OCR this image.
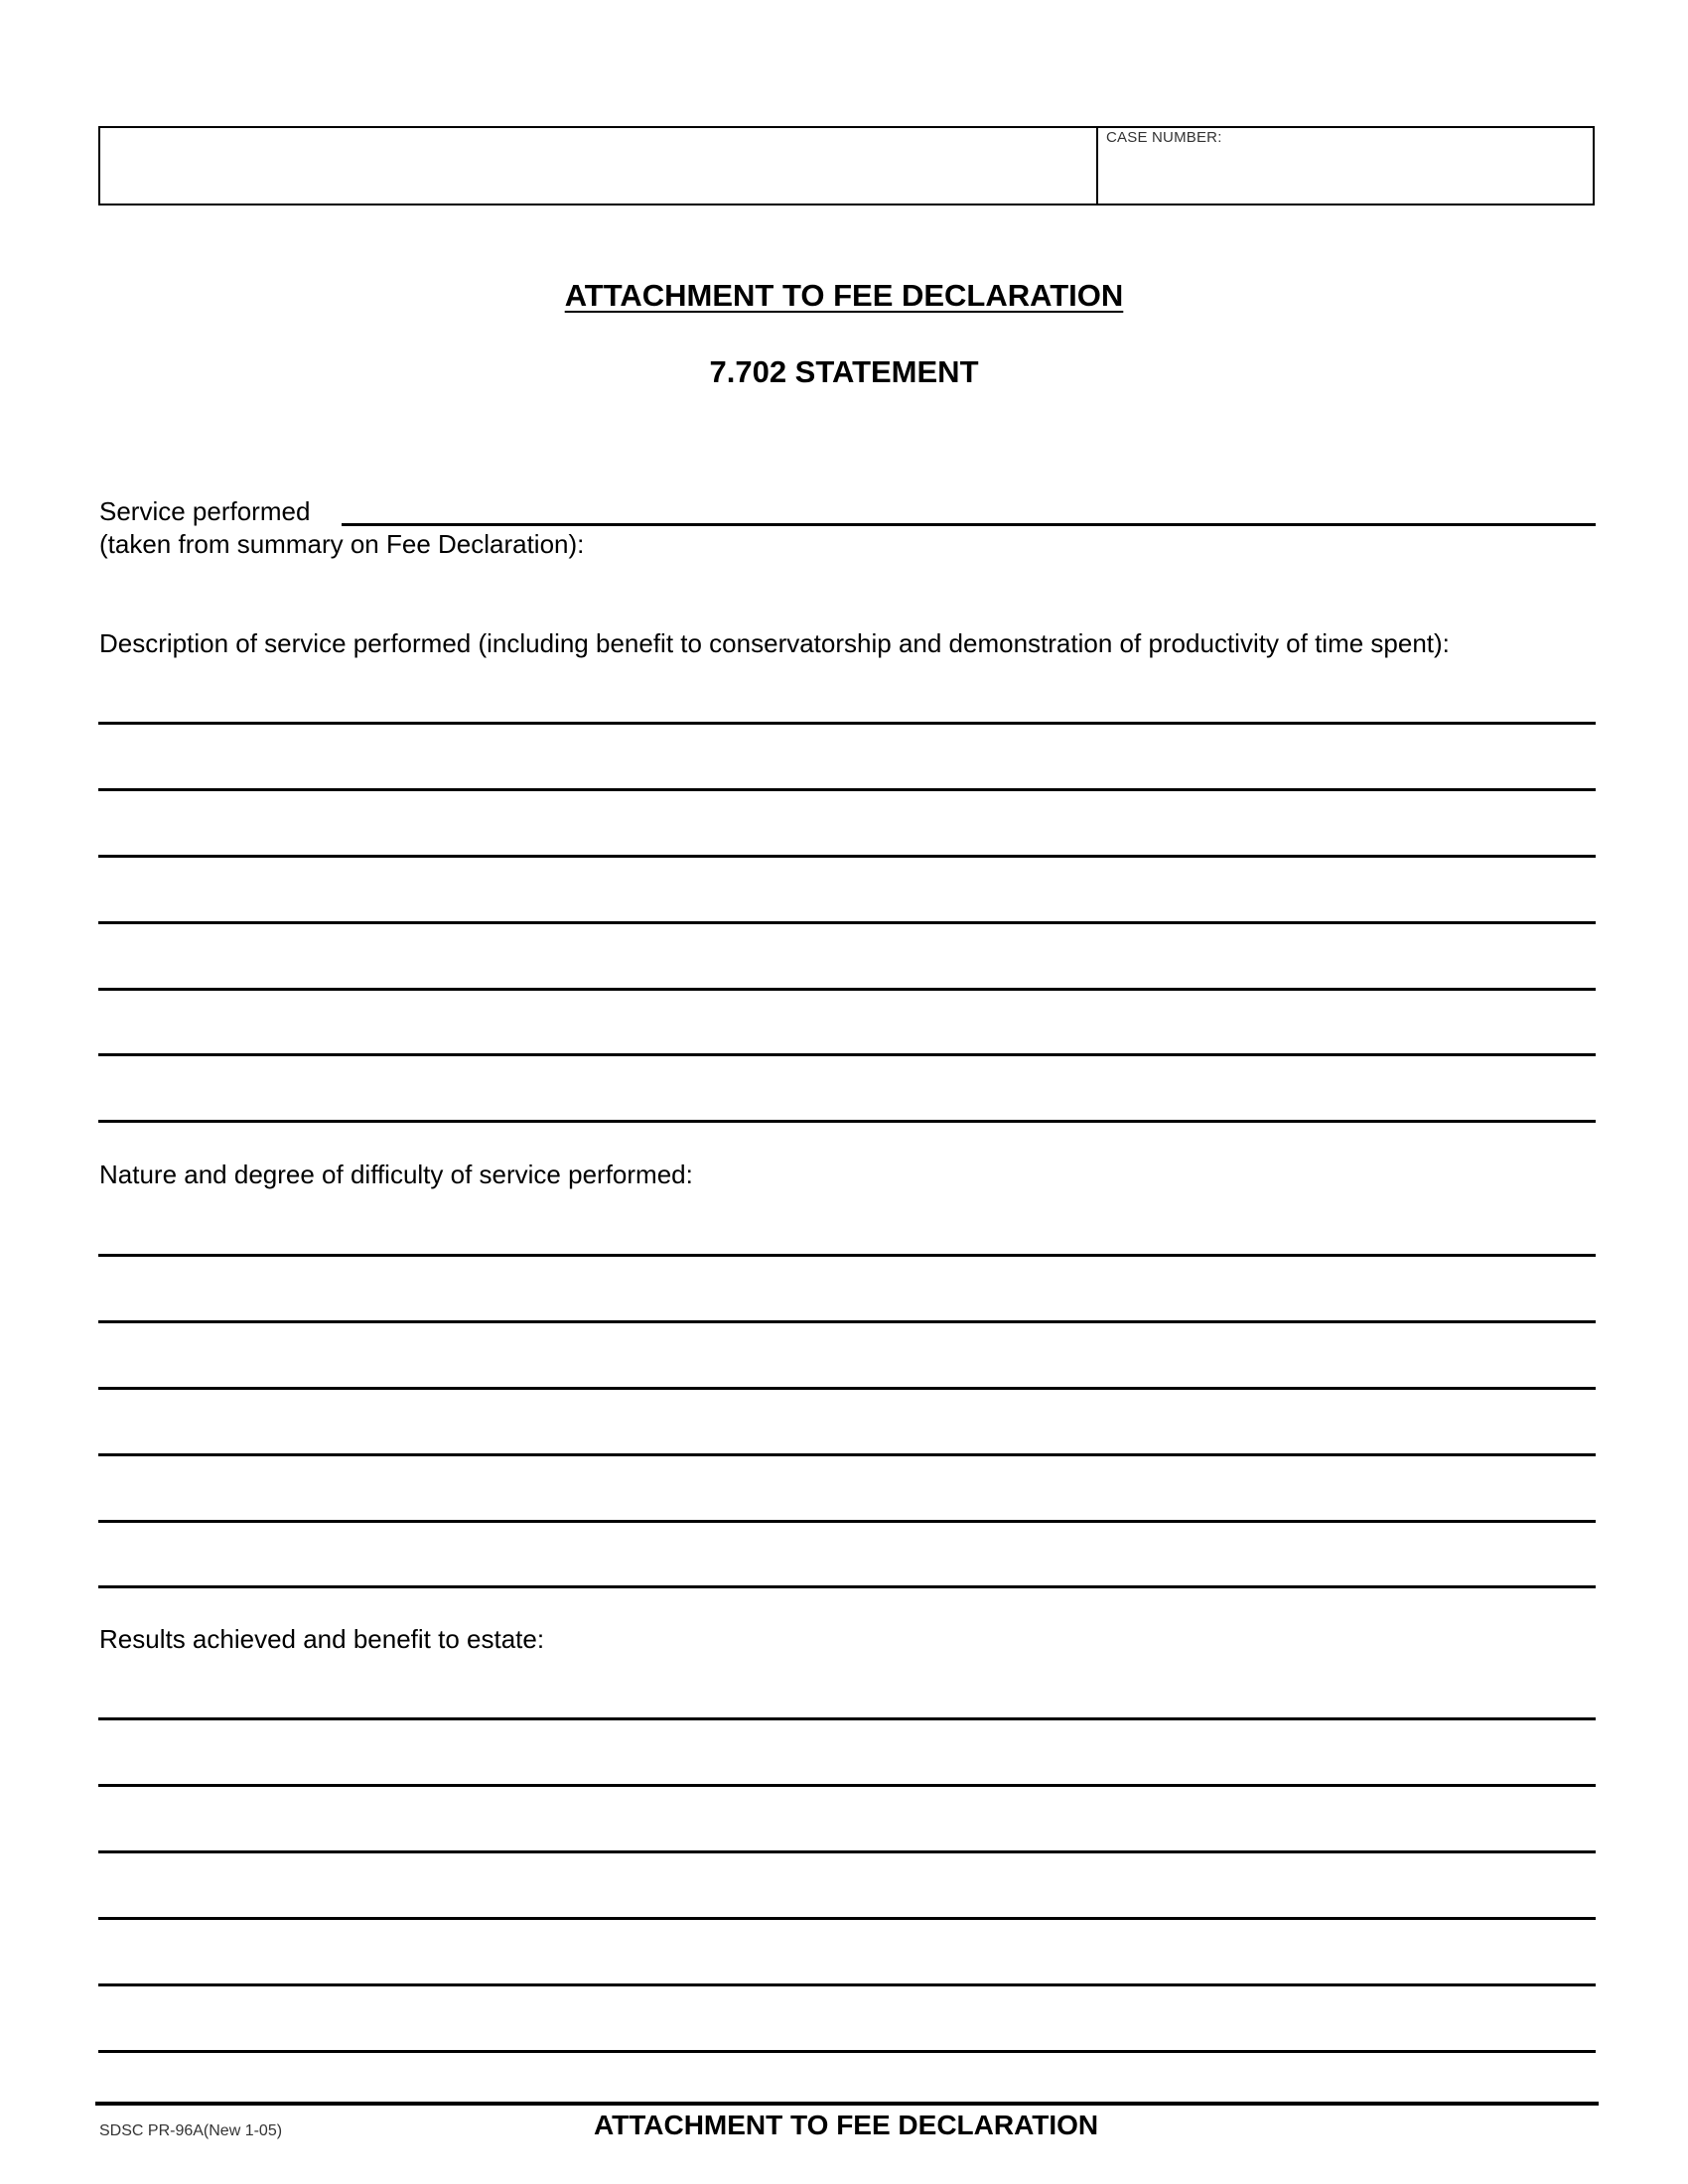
CASE NUMBER:
ATTACHMENT TO FEE DECLARATION
7.702 STATEMENT
Service performed
(taken from summary on Fee Declaration):
Description of service performed (including benefit to conservatorship and demonstration of productivity of time spent):
Nature and degree of difficulty of service performed:
Results achieved and benefit to estate:
SDSC PR-96A(New 1-05)	ATTACHMENT TO FEE DECLARATION
